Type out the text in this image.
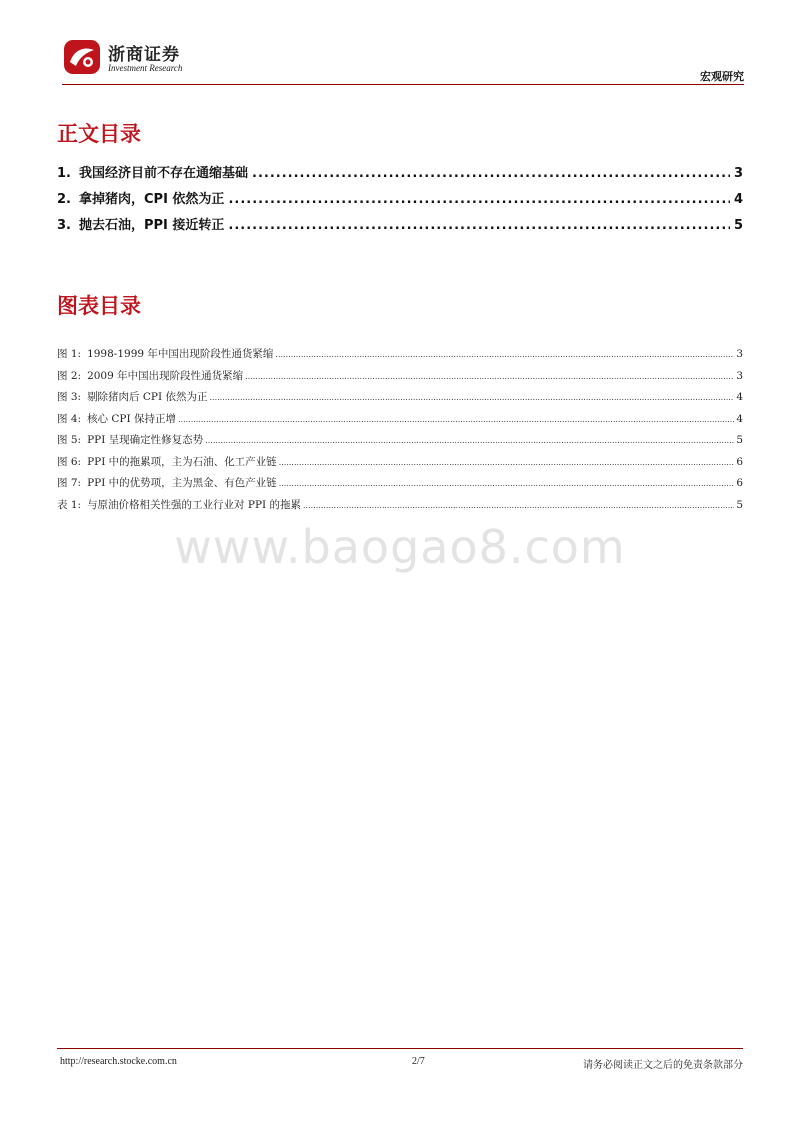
浙商证券
Investment Research
宏观研究
正文目录
1. 我国经济目前不存在通缩基础 .....	3
2. 拿掉猪肉，CPI 依然为正 .....	4
3. 抛去石油，PPI 接近转正 .....	5
图表目录
图 1: 1998-1999 年中国出现阶段性通货紧缩 .....	3
图 2: 2009 年中国出现阶段性通货紧缩 .....	3
图 3: 剔除猪肉后 CPI 依然为正 .....	4
图 4: 核心 CPI 保持正增 .....	4
图 5: PPI 呈现确定性修复态势 .....	5
图 6: PPI 中的拖累项，主为石油、化工产业链 .....	6
图 7: PPI 中的优势项，主为黑金、有色产业链 .....	6
表 1: 与原油价格相关性强的工业行业对 PPI 的拖累 .....	5
www.baogao8.com
http://research.stocke.com.cn	2/7	请务必阅读正文之后的免责条款部分
